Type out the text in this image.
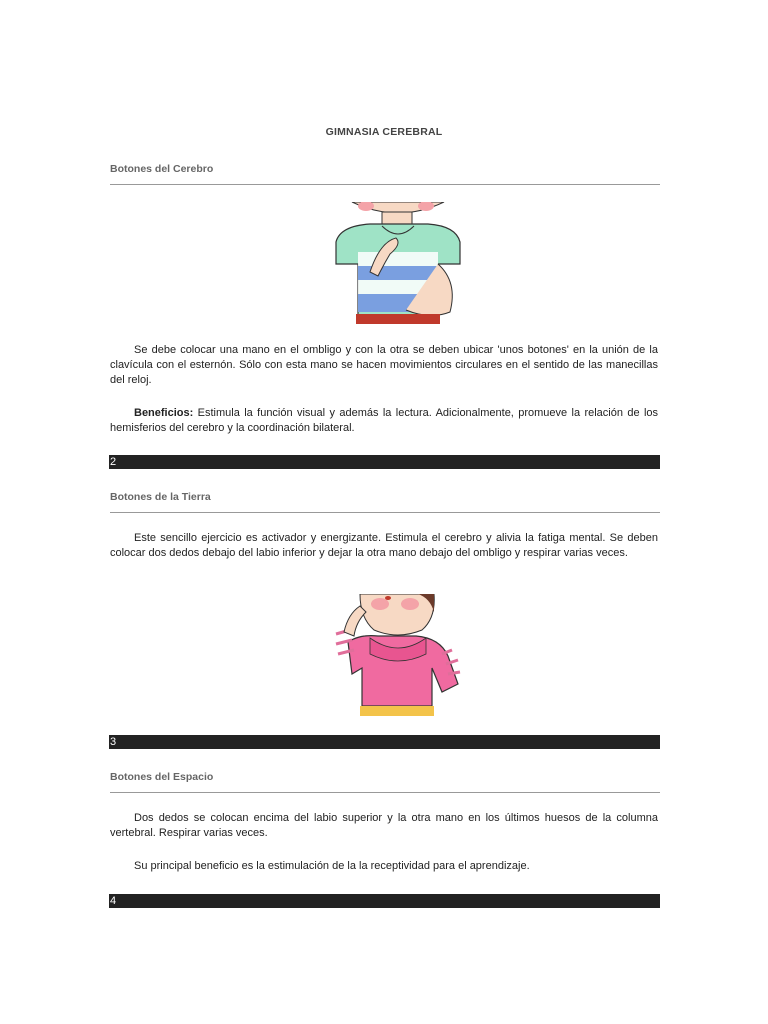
GIMNASIA CEREBRAL
Botones del Cerebro
Se debe colocar una mano en el ombligo y con la otra se deben ubicar 'unos botones' en la unión de la clavícula con el esternón. Sólo con esta mano se hacen movimientos circulares en el sentido de las manecillas del reloj.
Beneficios: Estimula la función visual y además la lectura. Adicionalmente, promueve la relación de los hemisferios del cerebro y la coordinación bilateral.
2
Botones de la Tierra
Este sencillo ejercicio es activador y energizante. Estimula el cerebro y alivia la fatiga mental. Se deben colocar dos dedos debajo del labio inferior y dejar la otra mano debajo del ombligo y respirar varias veces.
3
Botones del Espacio
Dos dedos se colocan encima del labio superior y la otra mano en los últimos huesos de la columna vertebral. Respirar varias veces.
Su principal beneficio es la estimulación de la la receptividad para el aprendizaje.
4
